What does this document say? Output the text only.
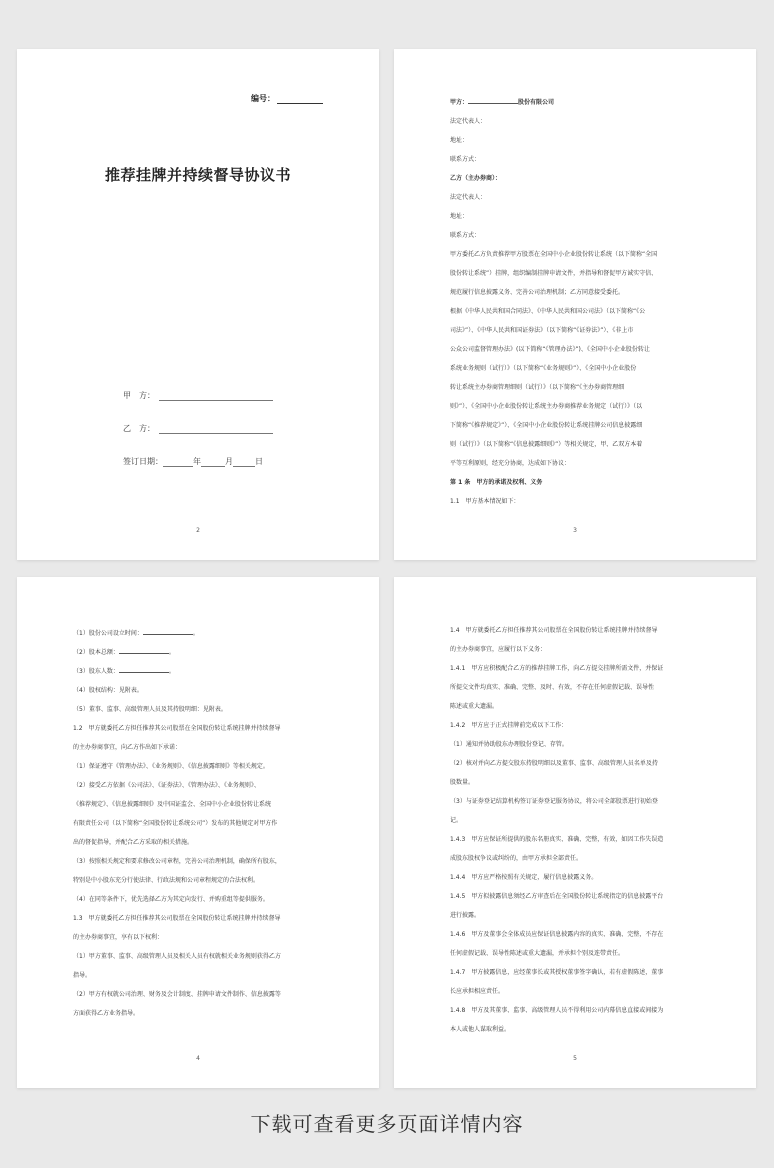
编号：
推荐挂牌并持续督导协议书
甲　方：
乙　方：
签订日期：	年	月	日
2

甲方：	股份有限公司

法定代表人：

地址：

联系方式：

乙方（主办券商）：

法定代表人：

地址：

联系方式：

甲方委托乙方负责推荐甲方股票在全国中小企业股份转让系统（以下简称“全国

股份转让系统”）挂牌，组织编制挂牌申请文件，并指导和督促甲方诚实守信、

规范履行信息披露义务、完善公司治理机制；乙方同意接受委托。

根据《中华人民共和国合同法》、《中华人民共和国公司法》（以下简称“《公

司法》”）、《中华人民共和国证券法》（以下简称“《证券法》”）、《非上市

公众公司监督管理办法》(以下简称“《管理办法》”)、《全国中小企业股份转让

系统业务规则（试行）》（以下简称“《业务规则》”）、《全国中小企业股份

转让系统主办券商管理细则（试行）》（以下简称“《主办券商管理细

则》”）、《全国中小企业股份转让系统主办券商推荐业务规定（试行）》（以

下简称“《推荐规定》”）、《全国中小企业股份转让系统挂牌公司信息披露细

则（试行）》（以下简称“《信息披露细则》”）等相关规定，甲、乙双方本着

平等互利原则，经充分协商，达成如下协议：

第 1 条　甲方的承诺及权利、义务

1.1　甲方基本情况如下：

3

（1）股份公司设立时间：	。

（2）股本总额：	。

（3）股东人数：	。

（4）股权结构：见附表。

（5）董事、监事、高级管理人员及其持股明细：见附表。

1.2　甲方就委托乙方担任推荐其公司股票在全国股份转让系统挂牌并持续督导

的主办券商事宜，向乙方作出如下承诺：

（1）保证遵守《管理办法》、《业务规则》、《信息披露细则》等相关规定。

（2）接受乙方依据《公司法》、《证券法》、《管理办法》、《业务规则》、

《推荐规定》、《信息披露细则》及中国证监会、全国中小企业股份转让系统

有限责任公司（以下简称“全国股份转让系统公司”）发布的其他规定对甲方作

出的督促指导，并配合乙方采取的相关措施。

（3）按照相关规定和要求修改公司章程，完善公司治理机制，确保所有股东，

特别是中小股东充分行使法律、行政法规和公司章程规定的合法权利。

（4）在同等条件下，优先选择乙方为其定向发行、并购重组等提供服务。

1.3　甲方就委托乙方担任推荐其公司股票在全国股份转让系统挂牌并持续督导

的主办券商事宜，享有以下权利：

（1）甲方董事、监事、高级管理人员及相关人员有权就相关业务规则获得乙方

指导。

（2）甲方有权就公司治理、财务及会计制度、挂牌申请文件制作、信息披露等

方面获得乙方业务指导。

4

1.4　甲方就委托乙方担任推荐其公司股票在全国股份转让系统挂牌并持续督导

的主办券商事宜，应履行以下义务：

1.4.1　甲方应积极配合乙方的推荐挂牌工作，向乙方提交挂牌所需文件，并保证

所提交文件均真实、准确、完整、及时、有效，不存在任何虚假记载、误导性

陈述或重大遗漏。

1.4.2　甲方应于正式挂牌前完成以下工作：

（1）通知并协助股东办理股份登记、存管。

（2）核对并向乙方提交股东持股明细以及董事、监事、高级管理人员名单及持

股数量。

（3）与证券登记结算机构签订证券登记服务协议，将公司全部股票进行初始登

记。

1.4.3　甲方应保证所提供的股东名册真实、准确、完整，有效，如因工作失误造

成股东股权争议或纠纷的，由甲方承担全部责任。

1.4.4　甲方应严格按照有关规定，履行信息披露义务。

1.4.5　甲方拟披露信息须经乙方审查后在全国股份转让系统指定的信息披露平台

进行披露。

1.4.6　甲方及董事会全体成员应保证信息披露内容的真实、准确、完整，不存在

任何虚假记载、误导性陈述或重大遗漏，并承担个别及连带责任。

1.4.7　甲方披露信息，应经董事长或其授权董事签字确认，若有虚假陈述，董事

长应承担相应责任。

1.4.8　甲方及其董事、监事、高级管理人员不得利用公司内幕信息直接或间接为

本人或他人谋取利益。

5
下载可查看更多页面详情内容
